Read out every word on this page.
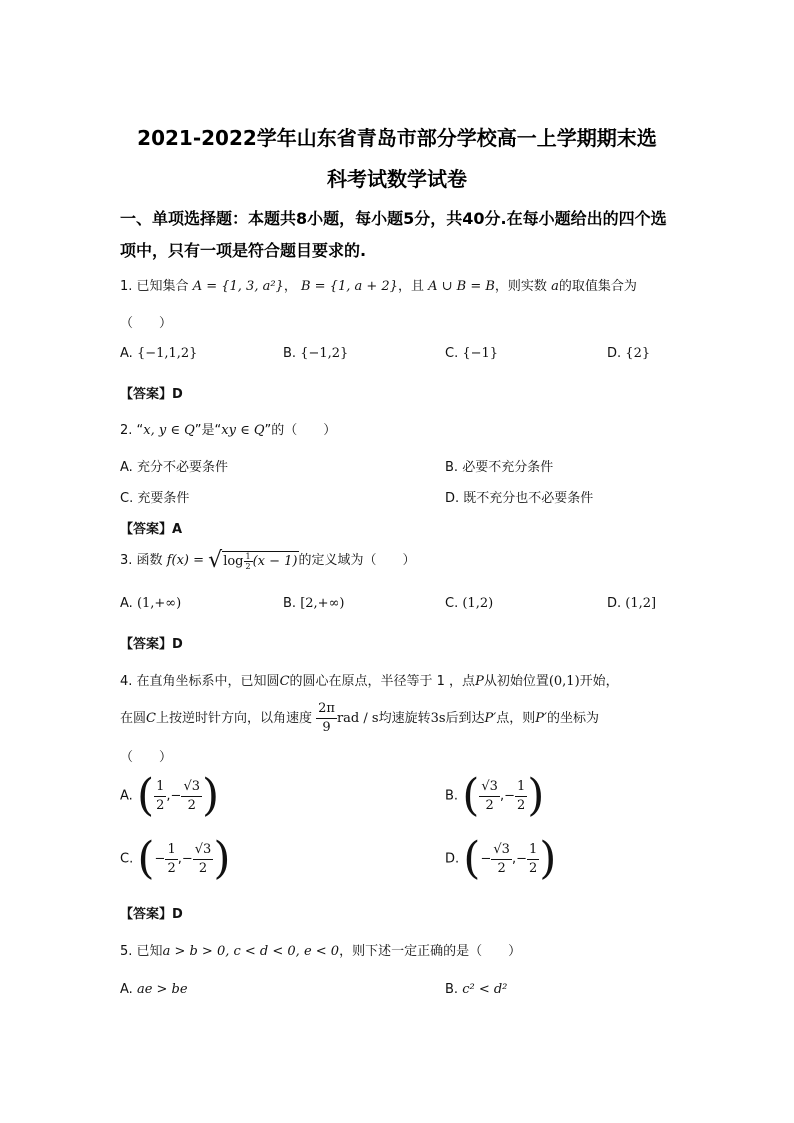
2021-2022学年山东省青岛市部分学校高一上学期期末选
科考试数学试卷
一、单项选择题：本题共8小题，每小题5分，共40分.在每小题给出的四个选
项中，只有一项是符合题目要求的.
1. 已知集合 A = {1, 3, a²}， B = {1, a + 2}，且 A ∪ B = B，则实数 a的取值集合为
（　　）
A. {−1,1,2}	B. {−1,2}	C. {−1}	D. {2}
【答案】D
2. “x, y ∈ Q”是“xy ∈ Q”的（　　）
A. 充分不必要条件	B. 必要不充分条件
C. 充要条件	D. 既不充分也不必要条件
【答案】A
3. 函数 $f(x) = √\log \frac{1}{2} (x - 1)$的定义域为（　　）
A. (1,+∞)	B. [2,+∞)	C. (1,2)	D. (1,2]
【答案】D
4. 在直角坐标系中，已知圆C的圆心在原点，半径等于 1 ，点P从初始位置(0,1)开始，
在圆C上按逆时针方向，以角速度 $\frac{2\pi}{9}$ rad / s均速旋转3s后到达P′点，则P′的坐标为
（　　）
A. ( $\frac{1}{2}$ ,− $\frac{√3}{2}$ )	B. ( $\frac{√3}{2}$ ,− $\frac{1}{2}$ )
C. (− $\frac{1}{2}$ ,− $\frac{√3}{2}$ )	D. (− $\frac{√3}{2}$ ,− $\frac{1}{2}$ )
【答案】D
5. 已知a > b > 0, c < d < 0, e < 0，则下述一定正确的是（　　）
A. ae > be	B. c² < d²
